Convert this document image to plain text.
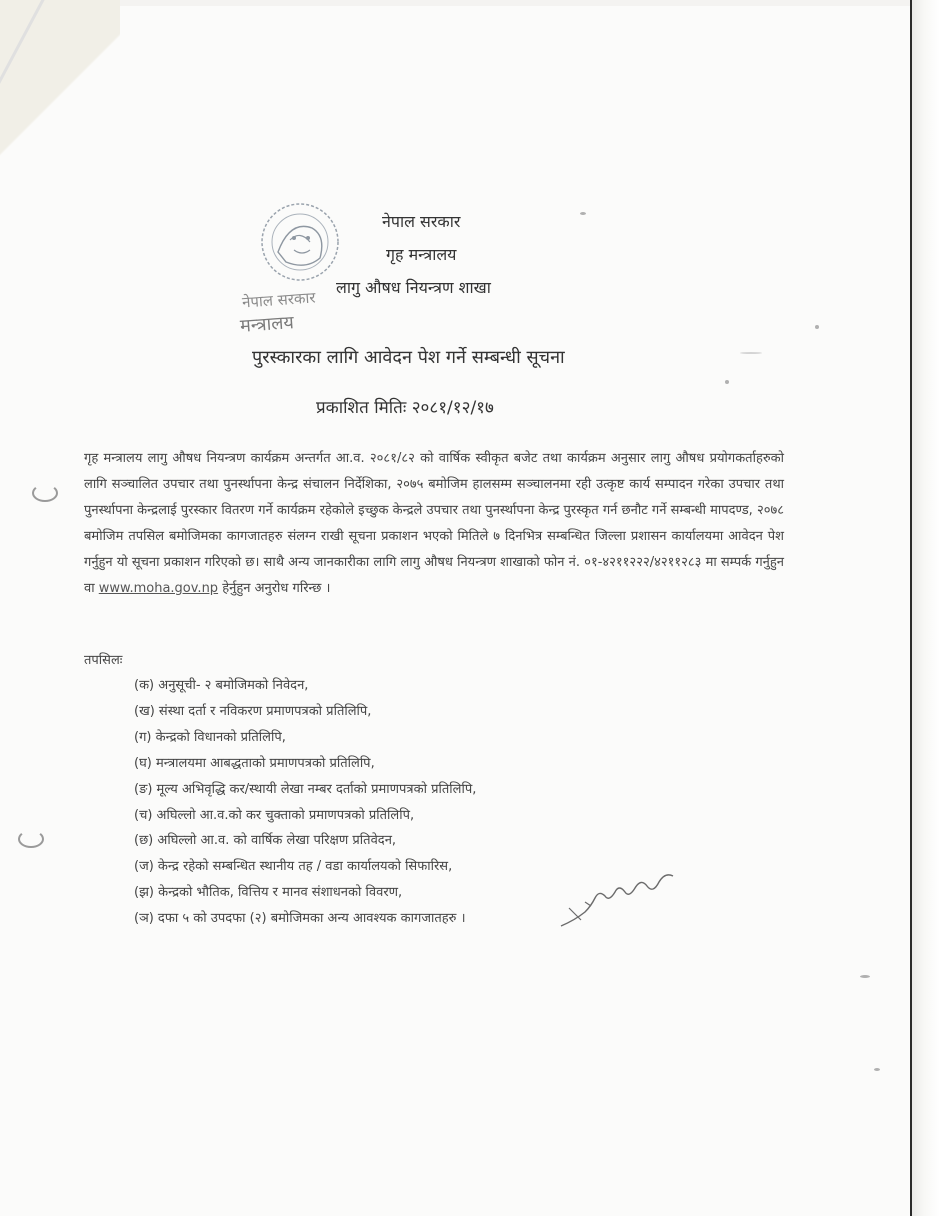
नेपाल सरकार
मन्त्रालय
नेपाल सरकार
गृह मन्त्रालय
लागु औषध नियन्त्रण शाखा
पुरस्कारका लागि आवेदन पेश गर्ने सम्बन्धी सूचना
प्रकाशित मितिः २०८१/१२/१७
गृह मन्त्रालय लागु औषध नियन्त्रण कार्यक्रम अन्तर्गत आ.व. २०८१/८२ को वार्षिक स्वीकृत बजेट तथा कार्यक्रम अनुसार लागु औषध प्रयोगकर्ताहरुको लागि सञ्चालित उपचार तथा पुनर्स्थापना केन्द्र संचालन निर्देशिका, २०७५ बमोजिम हालसम्म सञ्चालनमा रही उत्कृष्ट कार्य सम्पादन गरेका उपचार तथा पुनर्स्थापना केन्द्रलाई पुरस्कार वितरण गर्ने कार्यक्रम रहेकोले इच्छुक केन्द्रले उपचार तथा पुनर्स्थापना केन्द्र पुरस्कृत गर्न छनौट गर्ने सम्बन्धी मापदण्ड, २०७८ बमोजिम तपसिल बमोजिमका कागजातहरु संलग्न राखी सूचना प्रकाशन भएको मितिले ७ दिनभित्र सम्बन्धित जिल्ला प्रशासन कार्यालयमा आवेदन पेश गर्नुहुन यो सूचना प्रकाशन गरिएको छ। साथै अन्य जानकारीका लागि लागु औषध नियन्त्रण शाखाको फोन नं. ०१-४२११२२२/४२११२८३ मा सम्पर्क गर्नुहुन वा www.moha.gov.np हेर्नुहुन अनुरोध गरिन्छ ।
तपसिलः
(क) अनुसूची- २ बमोजिमको निवेदन,
(ख) संस्था दर्ता र नविकरण प्रमाणपत्रको प्रतिलिपि,
(ग) केन्द्रको विधानको प्रतिलिपि,
(घ) मन्त्रालयमा आबद्धताको प्रमाणपत्रको प्रतिलिपि,
(ङ) मूल्य अभिवृद्धि कर/स्थायी लेखा नम्बर दर्ताको प्रमाणपत्रको प्रतिलिपि,
(च) अघिल्लो आ.व.को कर चुक्ताको प्रमाणपत्रको प्रतिलिपि,
(छ) अघिल्लो आ.व. को वार्षिक लेखा परिक्षण प्रतिवेदन,
(ज) केन्द्र रहेको सम्बन्धित स्थानीय तह / वडा कार्यालयको सिफारिस,
(झ) केन्द्रको भौतिक, वित्तिय र मानव संशाधनको विवरण,
(ञ) दफा ५ को उपदफा (२) बमोजिमका अन्य आवश्यक कागजातहरु ।
